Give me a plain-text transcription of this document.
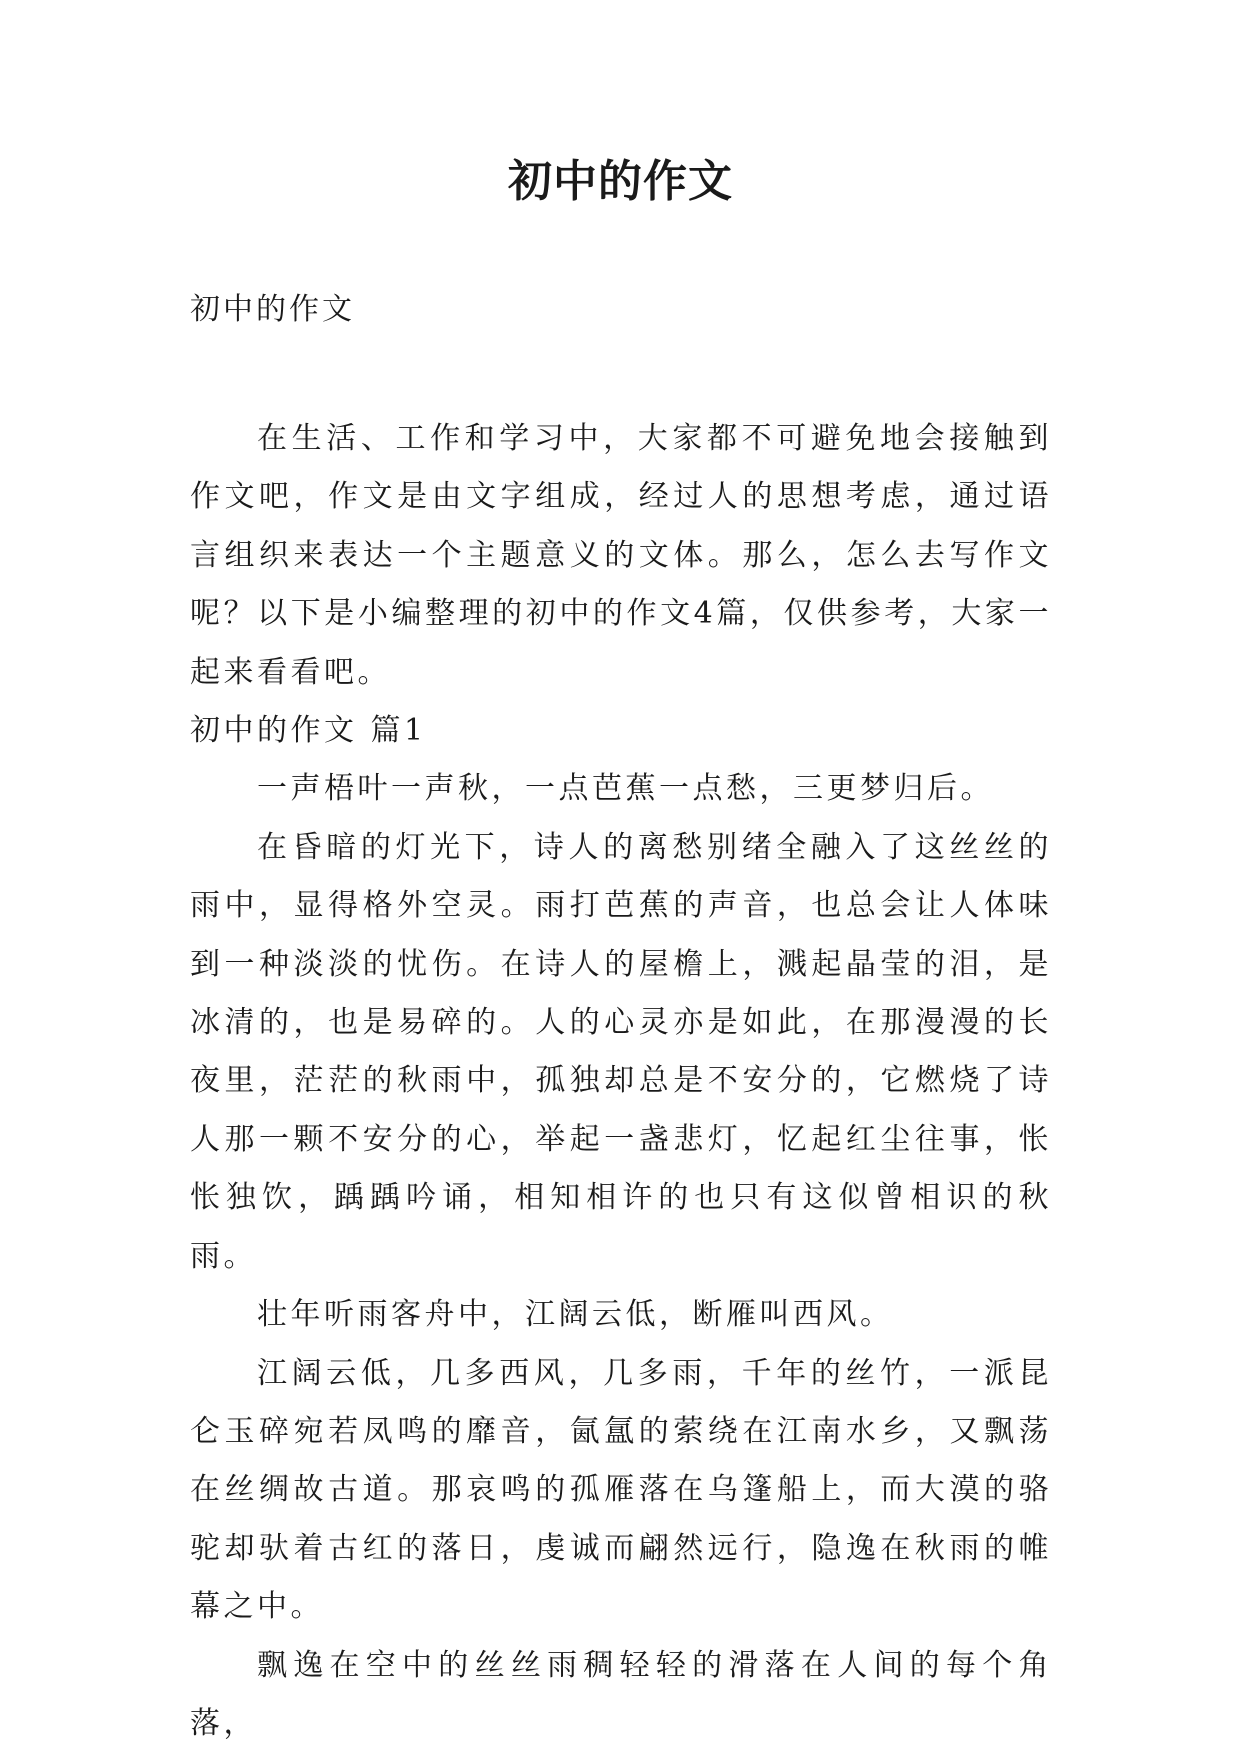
初中的作文
初中的作文

在生活、工作和学习中，大家都不可避免地会接触到作文吧，作文是由文字组成，经过人的思想考虑，通过语言组织来表达一个主题意义的文体。那么，怎么去写作文呢？以下是小编整理的初中的作文4篇，仅供参考，大家一起来看看吧。

初中的作文 篇1

一声梧叶一声秋，一点芭蕉一点愁，三更梦归后。

在昏暗的灯光下，诗人的离愁别绪全融入了这丝丝的雨中，显得格外空灵。雨打芭蕉的声音，也总会让人体味到一种淡淡的忧伤。在诗人的屋檐上，溅起晶莹的泪，是冰清的，也是易碎的。人的心灵亦是如此，在那漫漫的长夜里，茫茫的秋雨中，孤独却总是不安分的，它燃烧了诗人那一颗不安分的心，举起一盏悲灯，忆起红尘往事，怅怅独饮，踽踽吟诵，相知相许的也只有这似曾相识的秋雨。

壮年听雨客舟中，江阔云低，断雁叫西风。

江阔云低，几多西风，几多雨，千年的丝竹，一派昆仑玉碎宛若凤鸣的靡音，氤氲的萦绕在江南水乡，又飘荡在丝绸故古道。那哀鸣的孤雁落在乌篷船上，而大漠的骆驼却驮着古红的落日，虔诚而翩然远行，隐逸在秋雨的帷幕之中。

飘逸在空中的丝丝雨稠轻轻的滑落在人间的每个角落，
